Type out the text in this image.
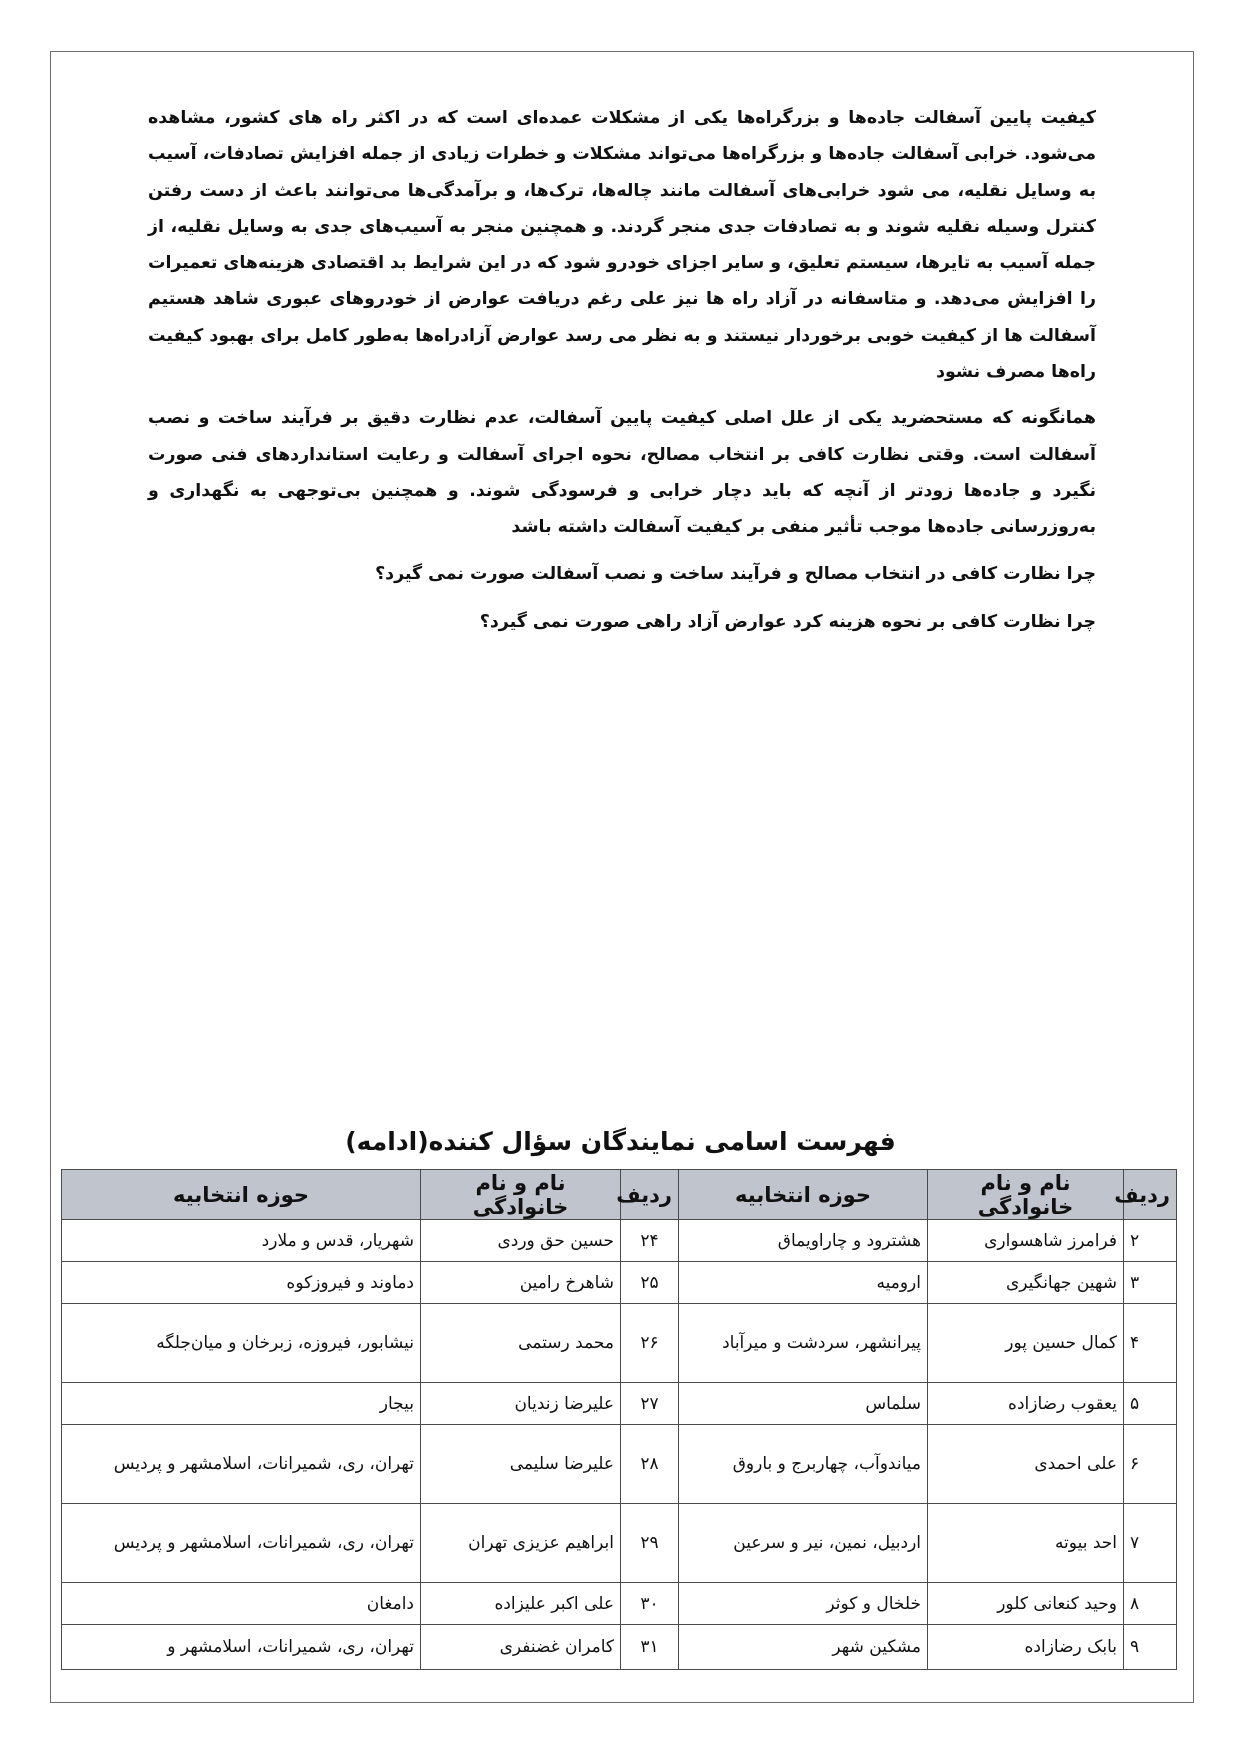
کیفیت پایین آسفالت جاده‌ها و بزرگراه‌ها یکی از مشکلات عمده‌ای است که در اکثر راه های کشور، مشاهده می‌شود. خرابی آسفالت جاده‌ها و بزرگراه‌ها می‌تواند مشکلات و خطرات زیادی از جمله افزایش تصادفات، آسیب به وسایل نقلیه، می شود خرابی‌های آسفالت مانند چاله‌ها، ترک‌ها، و برآمدگی‌ها می‌توانند باعث از دست رفتن کنترل وسیله نقلیه شوند و به تصادفات جدی منجر گردند. و همچنین منجر به آسیب‌های جدی به وسایل نقلیه، از جمله آسیب به تایرها، سیستم تعلیق، و سایر اجزای خودرو شود که در این شرایط بد اقتصادی هزینه‌های تعمیرات را افزایش می‌دهد. و متاسفانه در آزاد راه ها نیز علی رغم دریافت عوارض از خودروهای عبوری شاهد هستیم آسفالت ها از کیفیت خوبی برخوردار نیستند و به نظر می رسد عوارض آزادراه‌ها به‌طور کامل برای بهبود کیفیت راه‌ها مصرف نشود

همانگونه که مستحضرید یکی از علل اصلی کیفیت پایین آسفالت، عدم نظارت دقیق بر فرآیند ساخت و نصب آسفالت است. وقتی نظارت کافی بر انتخاب مصالح، نحوه اجرای آسفالت و رعایت استانداردهای فنی صورت نگیرد و جاده‌ها زودتر از آنچه که باید دچار خرابی و فرسودگی شوند. و همچنین بی‌توجهی به نگهداری و به‌روزرسانی جاده‌ها موجب تأثیر منفی بر کیفیت آسفالت داشته باشد

چرا نظارت کافی در انتخاب مصالح و فرآیند ساخت و نصب آسفالت صورت نمی گیرد؟

چرا نظارت کافی بر نحوه هزینه کرد عوارض آزاد راهی صورت نمی گیرد؟

فهرست اسامی نمایندگان سؤال کننده(ادامه)
ردیف	نام و نام خانوادگی	حوزه انتخابیه	ردیف	نام و نام خانوادگی	حوزه انتخابیه
۲	فرامرز شاهسواری	هشترود و چاراویماق	۲۴	حسین حق وردی	شهریار، قدس و ملارد
۳	شهین جهانگیری	ارومیه	۲۵	شاهرخ رامین	دماوند و فیروزکوه
۴	کمال حسین پور	پیرانشهر، سردشت و میرآباد	۲۶	محمد رستمی	نیشابور، فیروزه، زبرخان و میان‌جلگه
۵	یعقوب رضازاده	سلماس	۲۷	علیرضا زندیان	بیجار
۶	علی احمدی	میاندوآب، چهاربرج و باروق	۲۸	علیرضا سلیمی	تهران، ری، شمیرانات، اسلامشهر و پردیس
۷	احد بیوته	اردبیل، نمین، نیر و سرعین	۲۹	ابراهیم عزیزی تهران	تهران، ری، شمیرانات، اسلامشهر و پردیس
۸	وحید کنعانی کلور	خلخال و کوثر	۳۰	علی اکبر علیزاده	دامغان
۹	بابک رضازاده	مشکین شهر	۳۱	کامران غضنفری	تهران، ری، شمیرانات، اسلامشهر و
